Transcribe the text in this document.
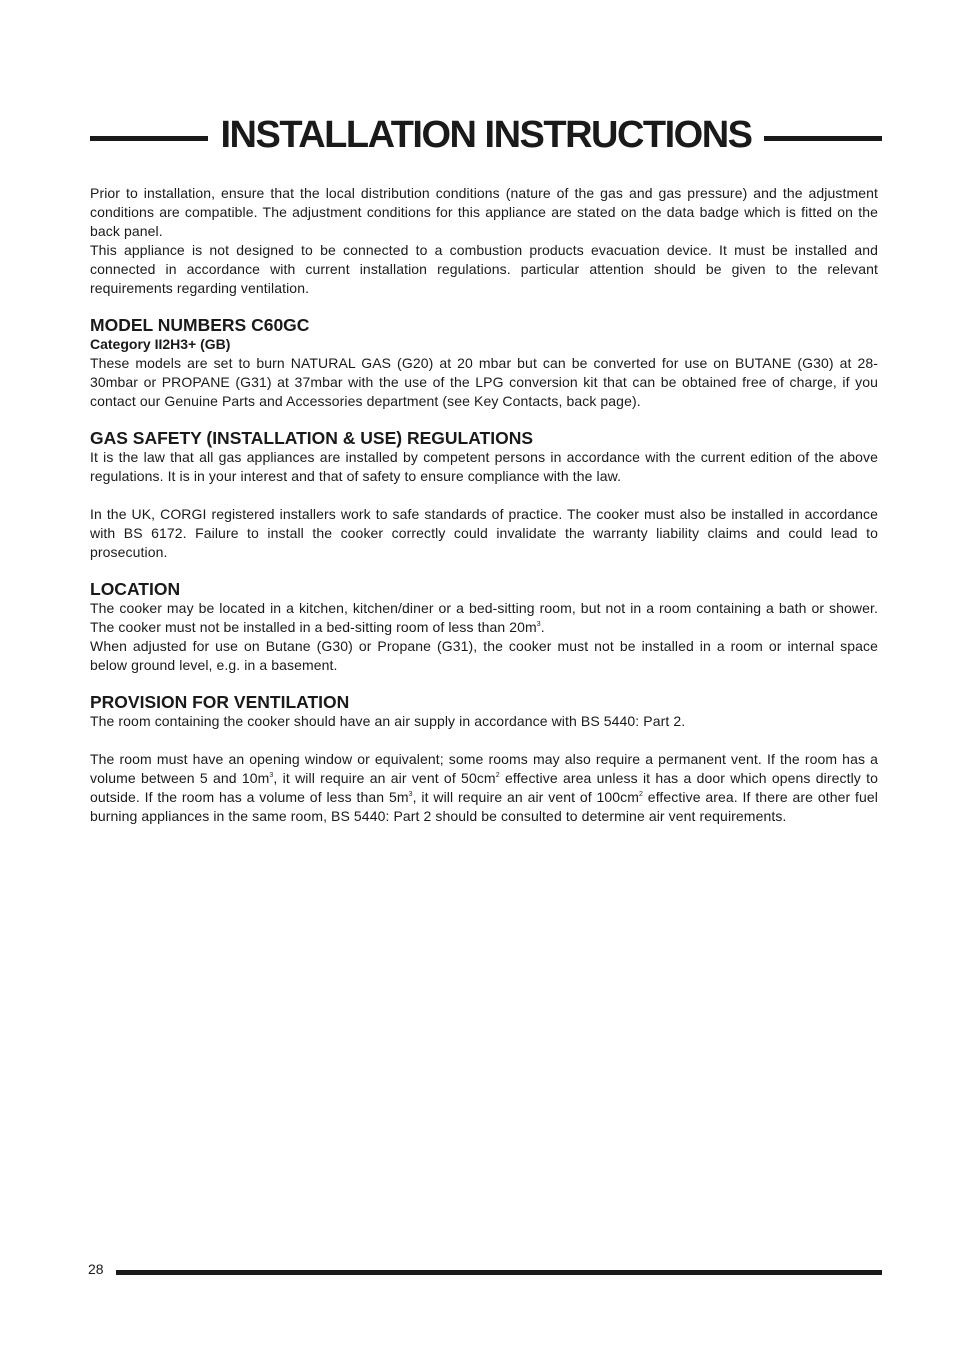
INSTALLATION INSTRUCTIONS

Prior to installation, ensure that the local distribution conditions (nature of the gas and gas pressure) and the adjustment conditions are compatible. The adjustment conditions for this appliance are stated on the data badge which is fitted on the back panel.

This appliance is not designed to be connected to a combustion products evacuation device. It must be installed and connected in accordance with current installation regulations. particular attention should be given to the relevant requirements regarding ventilation.

MODEL NUMBERS C60GC
Category II2H3+ (GB)

These models are set to burn NATURAL GAS (G20) at 20 mbar but can be converted for use on BUTANE (G30) at 28-30mbar or PROPANE (G31) at 37mbar with the use of the LPG conversion kit that can be obtained free of charge, if you contact our Genuine Parts and Accessories department (see Key Contacts, back page).

GAS SAFETY (INSTALLATION & USE) REGULATIONS

It is the law that all gas appliances are installed by competent persons in accordance with the current edition of the above regulations. It is in your interest and that of safety to ensure compliance with the law.

In the UK, CORGI registered installers work to safe standards of practice. The cooker must also be installed in accordance with BS 6172. Failure to install the cooker correctly could invalidate the warranty liability claims and could lead to prosecution.

LOCATION

The cooker may be located in a kitchen, kitchen/diner or a bed-sitting room, but not in a room containing a bath or shower. The cooker must not be installed in a bed-sitting room of less than $20m^3$.

When adjusted for use on Butane (G30) or Propane (G31), the cooker must not be installed in a room or internal space below ground level, e.g. in a basement.

PROVISION FOR VENTILATION

The room containing the cooker should have an air supply in accordance with BS 5440: Part 2.

The room must have an opening window or equivalent; some rooms may also require a permanent vent. If the room has a volume between 5 and $10m^3$, it will require an air vent of $50cm^2$ effective area unless it has a door which opens directly to outside. If the room has a volume of less than $5m^3$, it will require an air vent of $100cm^2$ effective area. If there are other fuel burning appliances in the same room, BS 5440: Part 2 should be consulted to determine air vent requirements.

28
